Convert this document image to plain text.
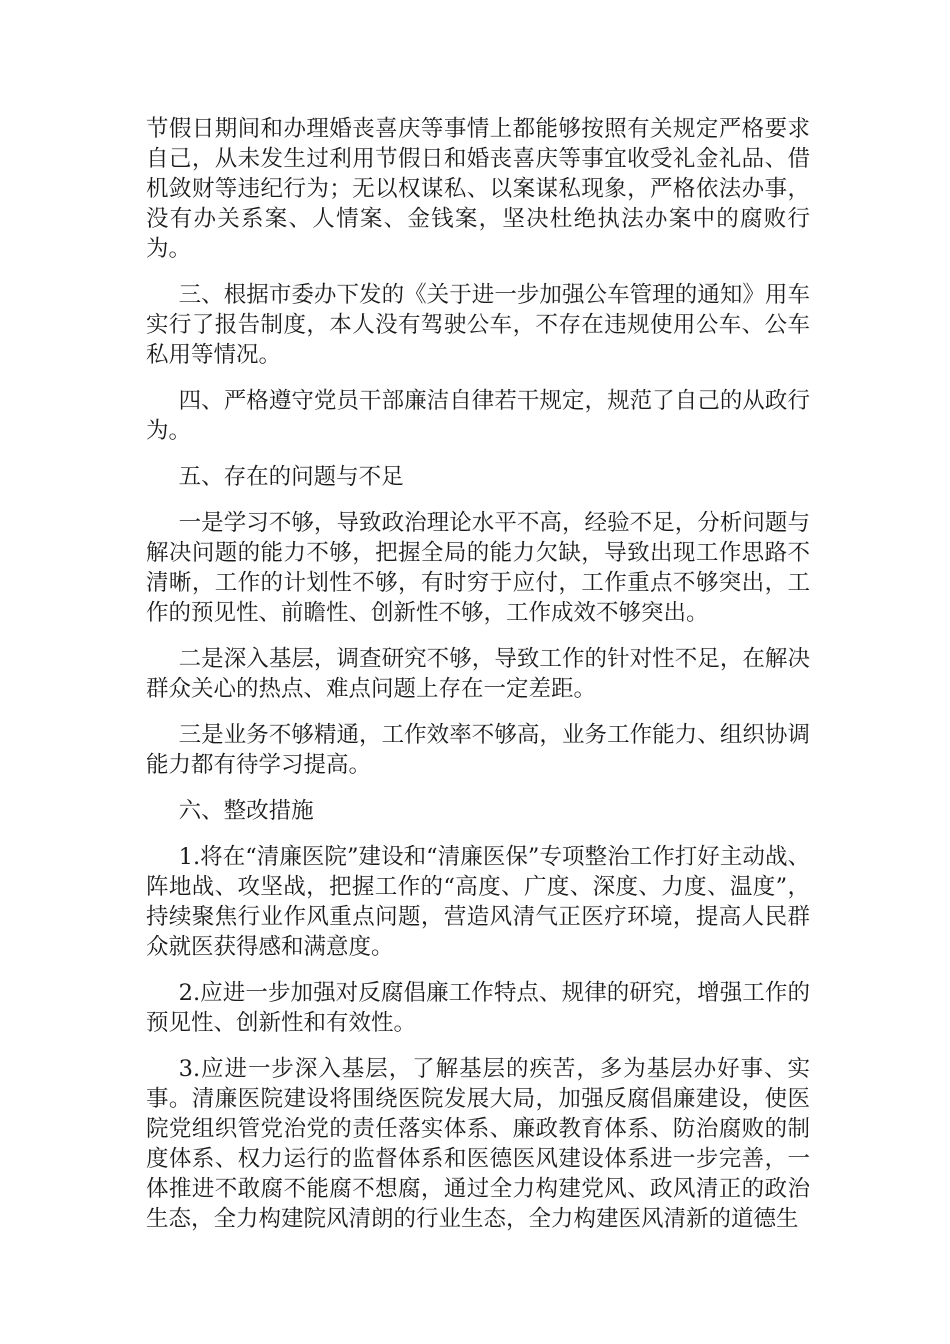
节假日期间和办理婚丧喜庆等事情上都能够按照有关规定严格要求自己，从未发生过利用节假日和婚丧喜庆等事宜收受礼金礼品、借机敛财等违纪行为；无以权谋私、以案谋私现象，严格依法办事，没有办关系案、人情案、金钱案，坚决杜绝执法办案中的腐败行为。

三、根据市委办下发的《关于进一步加强公车管理的通知》用车实行了报告制度，本人没有驾驶公车，不存在违规使用公车、公车私用等情况。

四、严格遵守党员干部廉洁自律若干规定，规范了自己的从政行为。

五、存在的问题与不足

一是学习不够，导致政治理论水平不高，经验不足，分析问题与解决问题的能力不够，把握全局的能力欠缺，导致出现工作思路不清晰，工作的计划性不够，有时穷于应付，工作重点不够突出，工作的预见性、前瞻性、创新性不够，工作成效不够突出。

二是深入基层，调查研究不够，导致工作的针对性不足，在解决群众关心的热点、难点问题上存在一定差距。

三是业务不够精通，工作效率不够高，业务工作能力、组织协调能力都有待学习提高。

六、整改措施

1.将在“清廉医院”建设和“清廉医保”专项整治工作打好主动战、阵地战、攻坚战，把握工作的“高度、广度、深度、力度、温度”，持续聚焦行业作风重点问题，营造风清气正医疗环境，提高人民群众就医获得感和满意度。

2.应进一步加强对反腐倡廉工作特点、规律的研究，增强工作的预见性、创新性和有效性。

3.应进一步深入基层，了解基层的疾苦，多为基层办好事、实事。清廉医院建设将围绕医院发展大局，加强反腐倡廉建设，使医院党组织管党治党的责任落实体系、廉政教育体系、防治腐败的制度体系、权力运行的监督体系和医德医风建设体系进一步完善，一体推进不敢腐不能腐不想腐，通过全力构建党风、政风清正的政治生态，全力构建院风清朗的行业生态，全力构建医风清新的道德生
